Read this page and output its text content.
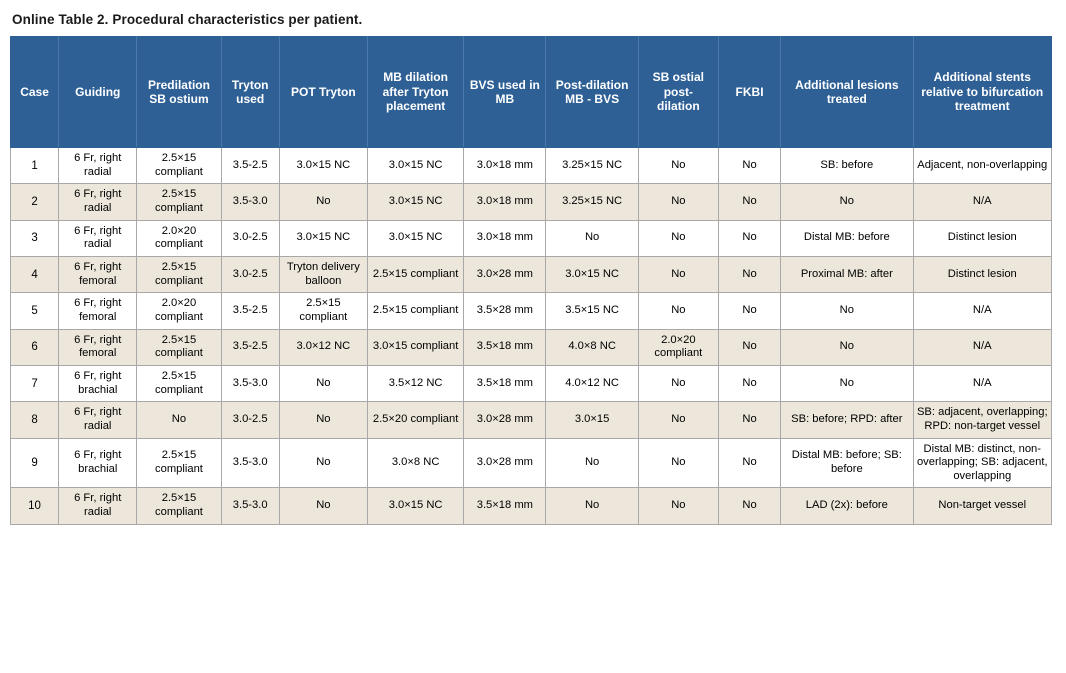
Online Table 2. Procedural characteristics per patient.
Case	Guiding	Predilation SB ostium	Tryton used	POT Tryton	MB dilation after Tryton placement	BVS used in MB	Post-dilation MB - BVS	SB ostial post-dilation	FKBI	Additional lesions treated	Additional stents relative to bifurcation treatment
1	6 Fr, right radial	2.5×15 compliant	3.5-2.5	3.0×15 NC	3.0×15 NC	3.0×18 mm	3.25×15 NC	No	No	SB: before	Adjacent, non-overlapping
2	6 Fr, right radial	2.5×15 compliant	3.5-3.0	No	3.0×15 NC	3.0×18 mm	3.25×15 NC	No	No	No	N/A
3	6 Fr, right radial	2.0×20 compliant	3.0-2.5	3.0×15 NC	3.0×15 NC	3.0×18 mm	No	No	No	Distal MB: before	Distinct lesion
4	6 Fr, right femoral	2.5×15 compliant	3.0-2.5	Tryton delivery balloon	2.5×15 compliant	3.0×28 mm	3.0×15 NC	No	No	Proximal MB: after	Distinct lesion
5	6 Fr, right femoral	2.0×20 compliant	3.5-2.5	2.5×15 compliant	2.5×15 compliant	3.5×28 mm	3.5×15 NC	No	No	No	N/A
6	6 Fr, right femoral	2.5×15 compliant	3.5-2.5	3.0×12 NC	3.0×15 compliant	3.5×18 mm	4.0×8 NC	2.0×20 compliant	No	No	N/A
7	6 Fr, right brachial	2.5×15 compliant	3.5-3.0	No	3.5×12 NC	3.5×18 mm	4.0×12 NC	No	No	No	N/A
8	6 Fr, right radial	No	3.0-2.5	No	2.5×20 compliant	3.0×28 mm	3.0×15	No	No	SB: before; RPD: after	SB: adjacent, overlapping; RPD: non-target vessel
9	6 Fr, right brachial	2.5×15 compliant	3.5-3.0	No	3.0×8 NC	3.0×28 mm	No	No	No	Distal MB: before; SB: before	Distal MB: distinct, non-overlapping; SB: adjacent, overlapping
10	6 Fr, right radial	2.5×15 compliant	3.5-3.0	No	3.0×15 NC	3.5×18 mm	No	No	No	LAD (2x): before	Non-target vessel
